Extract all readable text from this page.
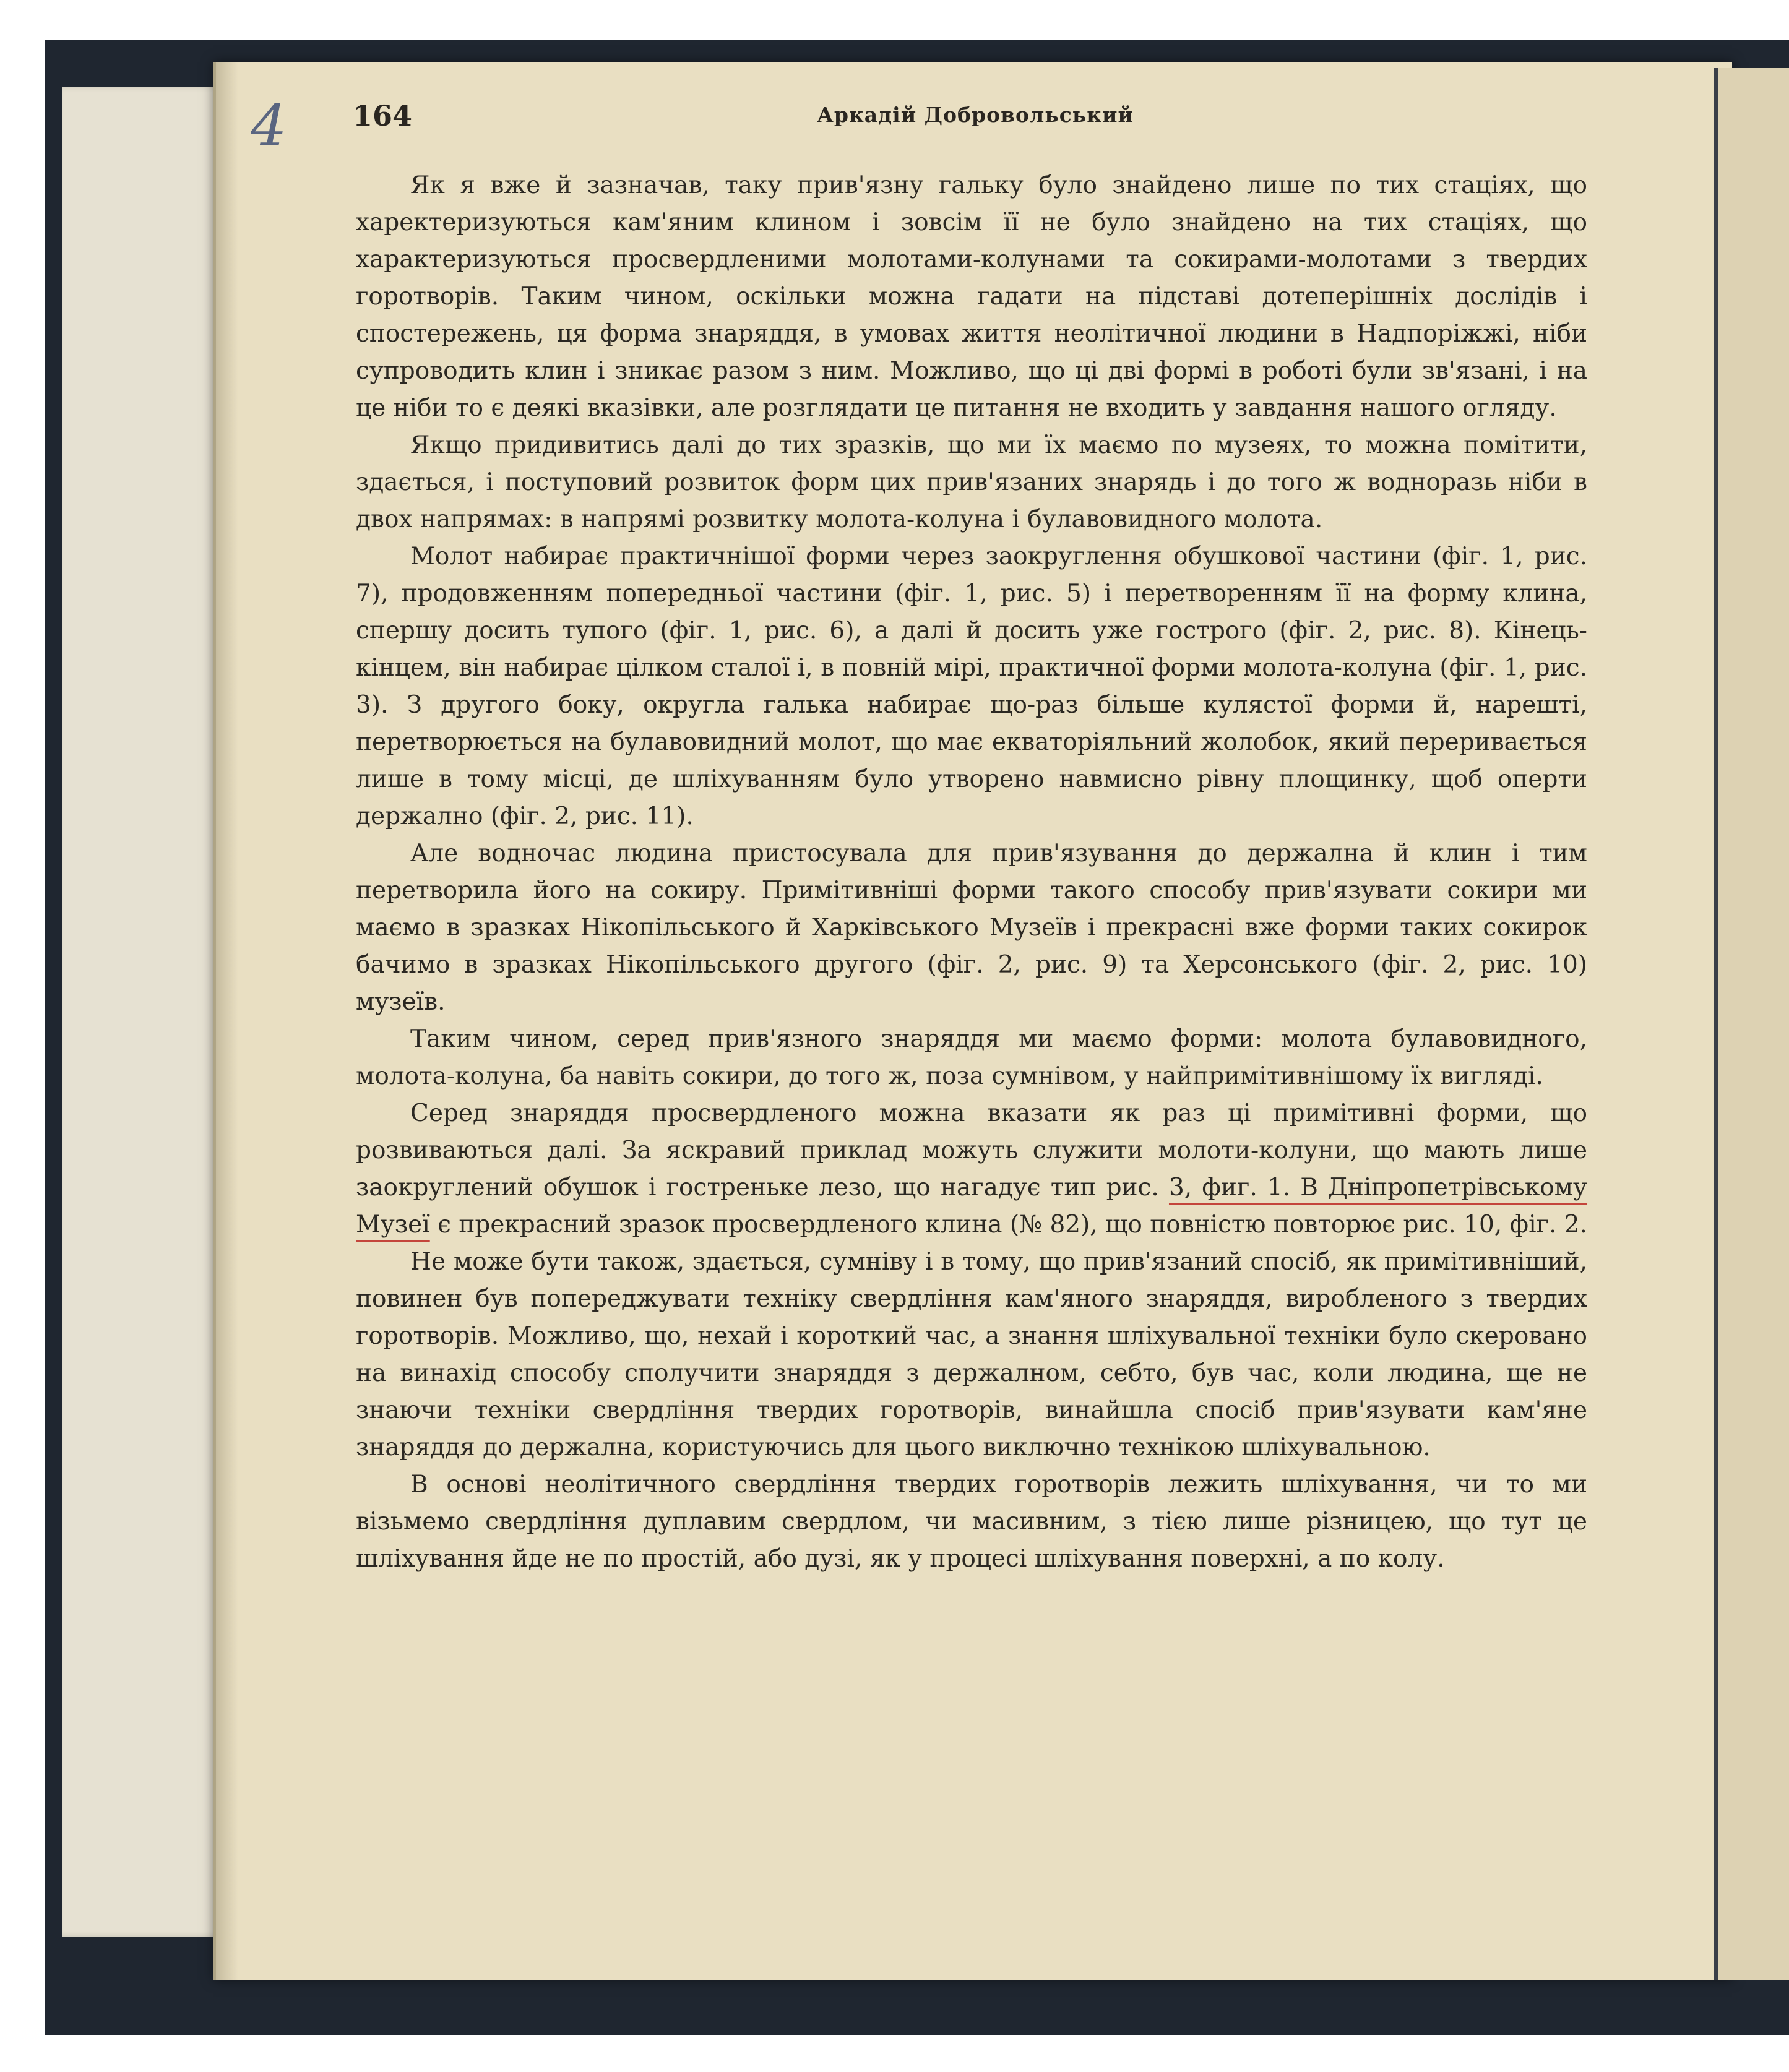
4 164	Аркадій Добровольський

Як я вже й зазначав, таку прив'язну гальку було знайдено лише по тих стаціях, що харектеризуються кам'яним клином і зовсім її не було знайдено на тих стаціях, що характеризуються просвердленими молотами-колунами та сокирами-молотами з твердих горотворів. Таким чином, оскільки можна гадати на підставі дотеперішніх дослідів і спостережень, ця форма знаряддя, в умовах життя неолітичної людини в Надпоріжжі, ніби супроводить клин і зникає разом з ним. Можливо, що ці дві формі в роботі були зв'язані, і на це ніби то є деякі вказівки, але розглядати це питання не входить у завдання нашого огляду.

Якщо придивитись далі до тих зразків, що ми їх маємо по музеях, то можна помітити, здається, і поступовий розвиток форм цих прив'язаних знарядь і до того ж водноразь ніби в двох напрямах: в напрямі розвитку молота-колуна і булавовидного молота.

Молот набирає практичнішої форми через заокруглення обушкової частини (фіг. 1, рис. 7), продовженням попередньої частини (фіг. 1, рис. 5) і перетворенням її на форму клина, спершу досить тупого (фіг. 1, рис. 6), а далі й досить уже гострого (фіг. 2, рис. 8). Кінець-кінцем, він набирає цілком сталої і, в повній мірі, практичної форми молота-колуна (фіг. 1, рис. 3). З другого боку, округла галька набирає що-раз більше кулястої форми й, нарешті, перетворюється на булавовидний молот, що має екваторіяльний жолобок, який переривається лише в тому місці, де шліхуванням було утворено навмисно рівну площинку, щоб оперти держално (фіг. 2, рис. 11).

Але водночас людина пристосувала для прив'язування до держална й клин і тим перетворила його на сокиру. Примітивніші форми такого способу прив'язувати сокири ми маємо в зразках Нікопільського й Харківського Музеїв і прекрасні вже форми таких сокирок бачимо в зразках Нікопільського другого (фіг. 2, рис. 9) та Херсонського (фіг. 2, рис. 10) музеїв.

Таким чином, серед прив'язного знаряддя ми маємо форми: молота булавовидного, молота-колуна, ба навіть сокири, до того ж, поза сумнівом, у найпримітивнішому їх вигляді.

Серед знаряддя просвердленого можна вказати як раз ці примітивні форми, що розвиваються далі. За яскравий приклад можуть служити молоти-колуни, що мають лише заокруглений обушок і гостреньке лезо, що нагадує тип рис. 3, фиг. 1. В Дніпропетрівському Музеї є прекрасний зразок просвердленого клина (№ 82), що повністю повторює рис. 10, фіг. 2.

Не може бути також, здається, сумніву і в тому, що прив'язаний спосіб, як примітивніший, повинен був попереджувати техніку свердління кам'яного знаряддя, виробленого з твердих горотворів. Можливо, що, нехай і короткий час, а знання шліхувальної техніки було скеровано на винахід способу сполучити знаряддя з держалном, себто, був час, коли людина, ще не знаючи техніки свердління твердих горотворів, винайшла спосіб прив'язувати кам'яне знаряддя до держална, користуючись для цього виключно технікою шліхувальною.

В основі неолітичного свердління твердих горотворів лежить шліхування, чи то ми візьмемо свердління дуплавим свердлом, чи масивним, з тією лише різницею, що тут це шліхування йде не по простій, або дузі, як у процесі шліхування поверхні, а по колу.
